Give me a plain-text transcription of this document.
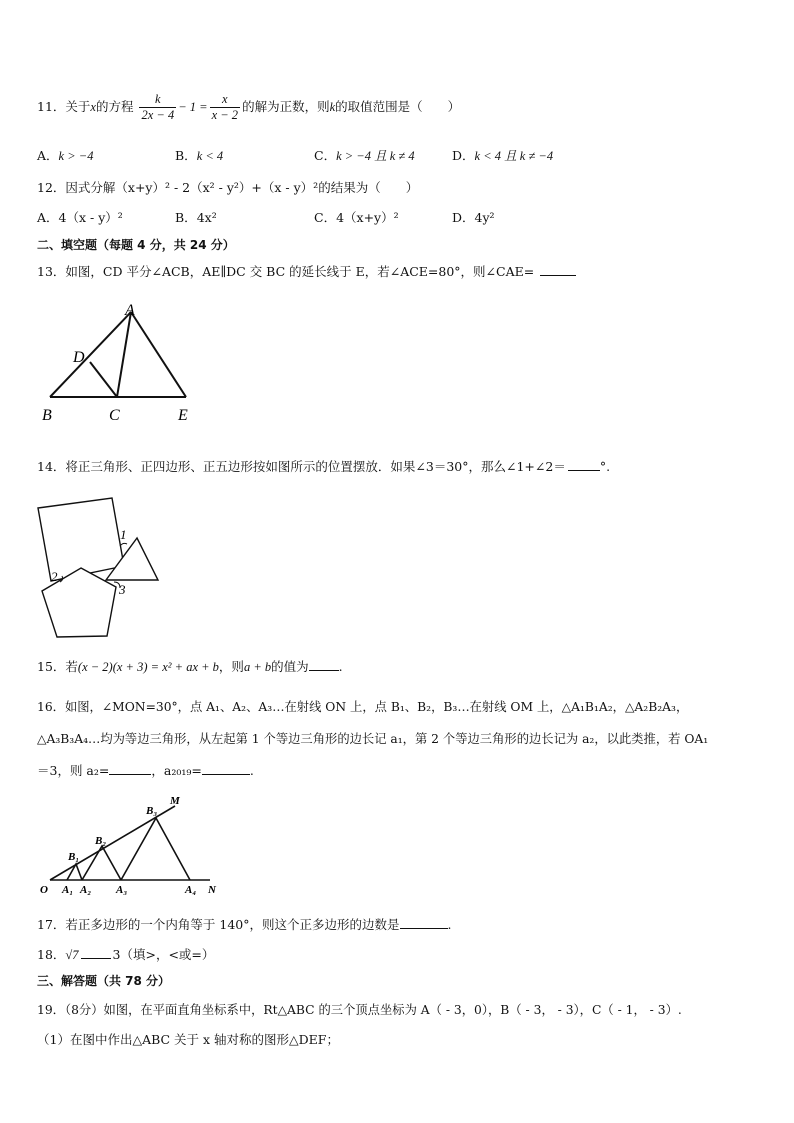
11．关于x的方程 $\frac{k}{2x - 4} - 1 = \frac{x}{x - 2}$ 的解为正数，则k的取值范围是（　　）
A．k > −4	B．k < 4	C．k > −4 且 k ≠ 4	D．k < 4 且 k ≠ −4
12．因式分解（x+y）² - 2（x² - y²）+（x - y）²的结果为（　　）
A．4（x - y）²	B．4x²	C．4（x+y）²	D．4y²
二、填空题（每题 4 分，共 24 分）
13．如图，CD 平分∠ACB，AE∥DC 交 BC 的延长线于 E，若∠ACE=80°，则∠CAE=
A
B	C
D
E
14．将正三角形、正四边形、正五边形按如图所示的位置摆放．如果∠3＝30°，那么∠1+∠2＝	°.
1
2
3
15．若(x − 2)(x + 3) = x² + ax + b，则a + b的值为 .
16．如图，∠MON=30°，点 A₁、A₂、A₃…在射线 ON 上，点 B₁、B₂，B₃…在射线 OM 上，△A₁B₁A₂，△A₂B₂A₃，
△A₃B₃A₄…均为等边三角形，从左起第 1 个等边三角形的边长记 a₁，第 2 个等边三角形的边长记为 a₂，以此类推，若 OA₁
＝3，则 a₂=	，a₂₀₁₉=	.
O	N
M
A₁ A₂ A₃	A₄
B₁
B₂
B₃
17．若正多边形的一个内角等于 140°，则这个正多边形的边数是	.
18．√7	3（填>，<或=）
三、解答题（共 78 分）
19．（8分）如图，在平面直角坐标系中，Rt△ABC 的三个顶点坐标为 A（ - 3，0），B（ - 3， - 3），C（ - 1， - 3）.
（1）在图中作出△ABC 关于 x 轴对称的图形△DEF；
